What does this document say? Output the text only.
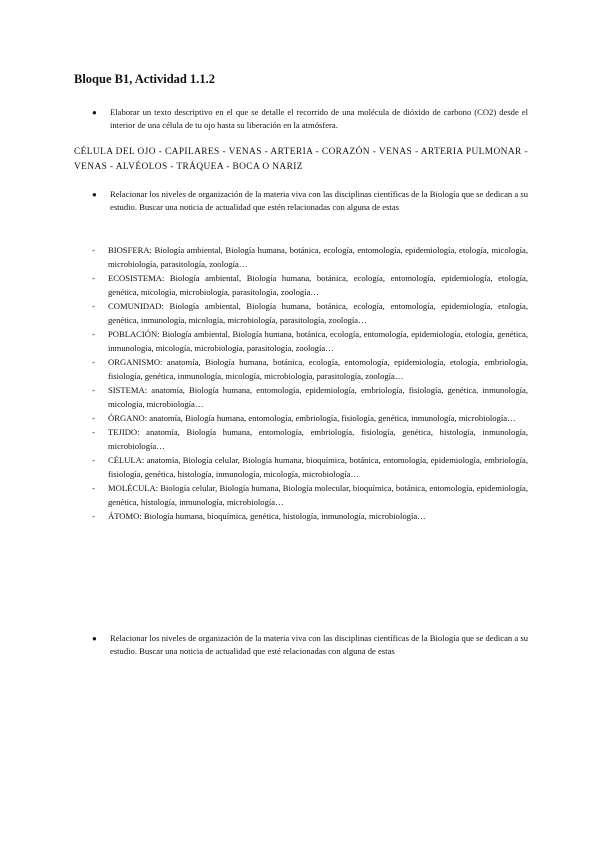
Bloque B1, Actividad 1.1.2
● Elaborar un texto descriptivo en el que se detalle el recorrido de una molécula de dióxido de carbono (CO2) desde el interior de una célula de tu ojo hasta su liberación en la atmósfera.
CÉLULA DEL OJO - CAPILARES - VENAS - ARTERIA - CORAZÓN - VENAS - ARTERIA PULMONAR - VENAS - ALVÉOLOS - TRÁQUEA - BOCA O NARIZ
● Relacionar los niveles de organización de la materia viva con las disciplinas científicas de la Biología que se dedican a su estudio. Buscar una noticia de actualidad que estén relacionadas con alguna de estas
- BIOSFERA: Biología ambiental, Biología humana, botánica, ecología, entomología, epidemiología, etología, micología, microbiología, parasitología, zoología…
- ECOSISTEMA: Biología ambiental, Biología humana, botánica, ecología, entomología, epidemiología, etología, genética, micología, microbiología, parasitología, zoología…
- COMUNIDAD: Biología ambiental, Biología humana, botánica, ecología, entomología, epidemiología, etología, genética, inmunología, micología, microbiología, parasitología, zoología…
- POBLACIÓN: Biología ambiental, Biología humana, botánica, ecología, entomología, epidemiología, etología, genética, inmunología, micología, microbiología, parasitología, zoología…
- ORGANISMO: anatomía, Biología humana, botánica, ecología, entomología, epidemiología, etología, embriología, fisiología, genética, inmunología, micología, microbiología, parasitología, zoología…
- SISTEMA: anatomía, Biología humana, entomología, epidemiología, embriología, fisiología, genética, inmunología, micología, microbiología…
- ÓRGANO: anatomía, Biología humana, entomología, embriología, fisiología, genética, inmunología, microbiología…
- TEJIDO: anatomía, Biología humana, entomología, embriología, fisiología, genética, histología, inmunología, microbiología…
- CÉLULA: anatomía, Biología celular, Biología humana, bioquímica, botánica, entomología, epidemiología, embriología, fisiología, genética, histología, inmunología, micología, microbiología…
- MOLÉCULA: Biología celular, Biología humana, Biología molecular, bioquímica, botánica, entomología, epidemiología, genética, histología, inmunología, microbiología…
- ÁTOMO: Biología humana, bioquímica, genética, histología, inmunología, microbiología…
● Relacionar los niveles de organización de la materia viva con las disciplinas científicas de la Biología que se dedican a su estudio. Buscar una noticia de actualidad que esté relacionadas con alguna de estas
